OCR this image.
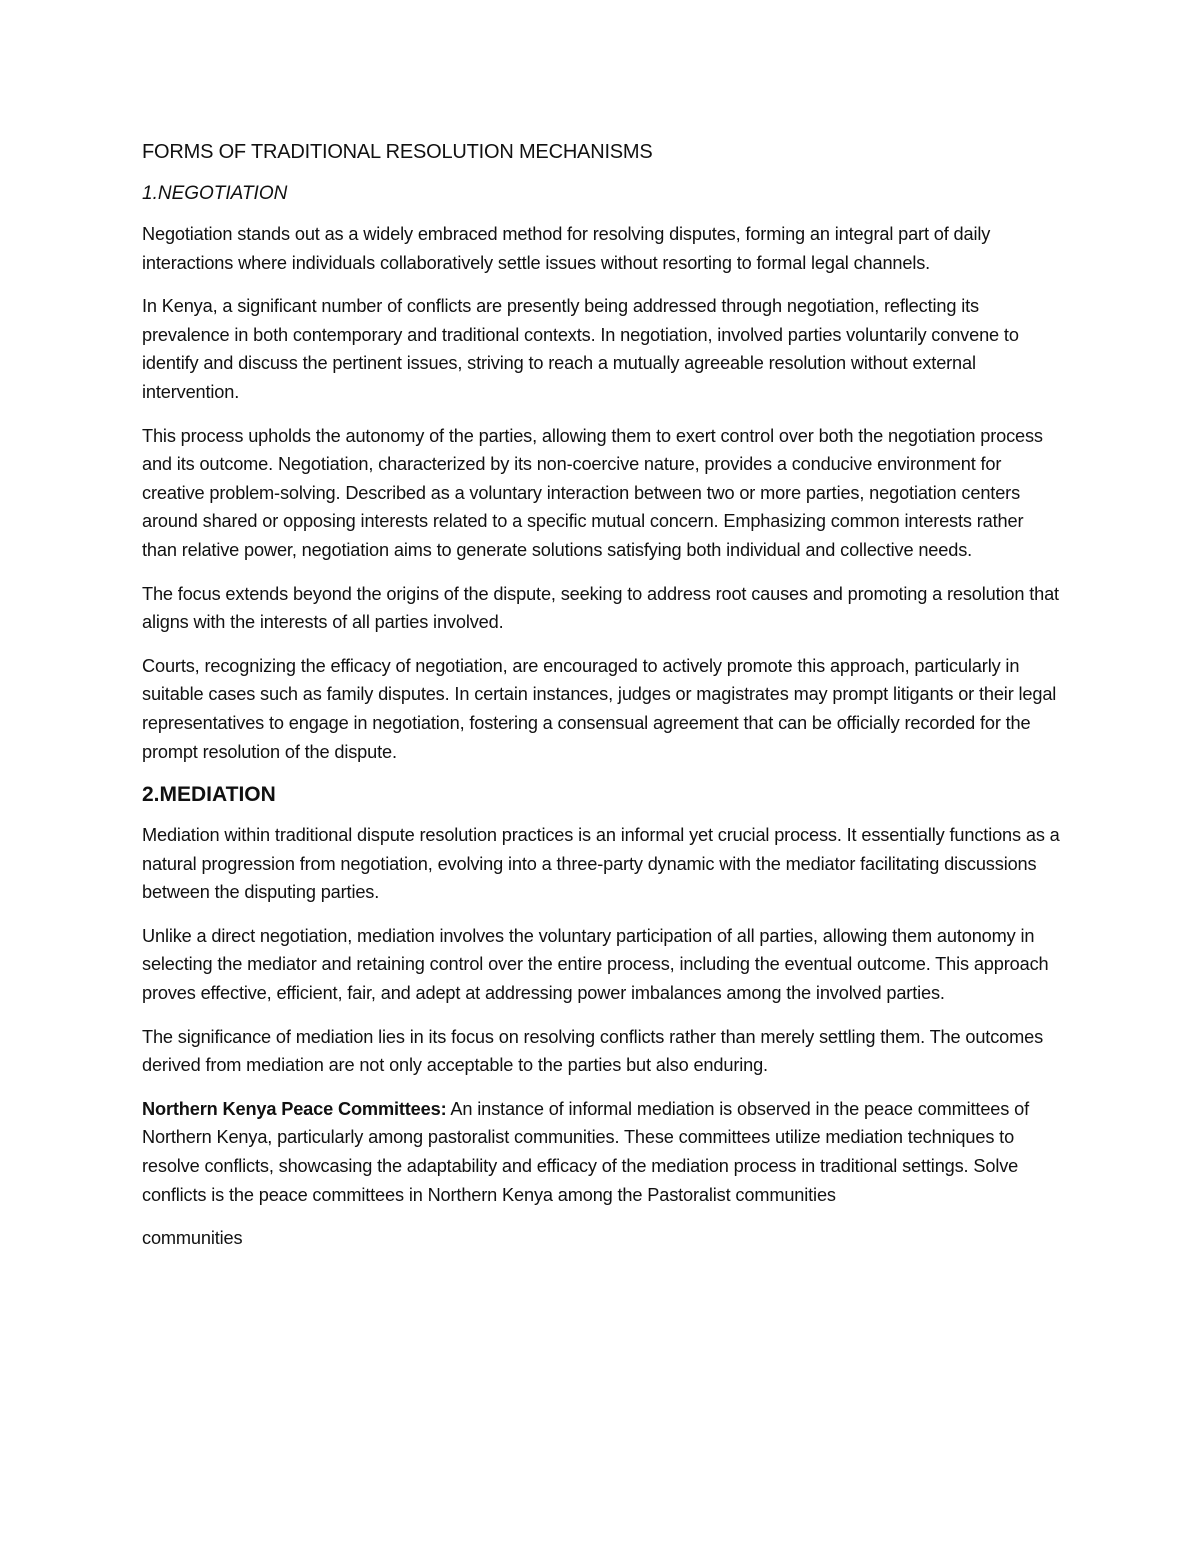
FORMS OF TRADITIONAL RESOLUTION MECHANISMS
1.NEGOTIATION

Negotiation stands out as a widely embraced method for resolving disputes, forming an integral part of daily interactions where individuals collaboratively settle issues without resorting to formal legal channels.

In Kenya, a significant number of conflicts are presently being addressed through negotiation, reflecting its prevalence in both contemporary and traditional contexts. In negotiation, involved parties voluntarily convene to identify and discuss the pertinent issues, striving to reach a mutually agreeable resolution without external intervention.

This process upholds the autonomy of the parties, allowing them to exert control over both the negotiation process and its outcome. Negotiation, characterized by its non-coercive nature, provides a conducive environment for creative problem-solving. Described as a voluntary interaction between two or more parties, negotiation centers around shared or opposing interests related to a specific mutual concern. Emphasizing common interests rather than relative power, negotiation aims to generate solutions satisfying both individual and collective needs.

The focus extends beyond the origins of the dispute, seeking to address root causes and promoting a resolution that aligns with the interests of all parties involved.

Courts, recognizing the efficacy of negotiation, are encouraged to actively promote this approach, particularly in suitable cases such as family disputes. In certain instances, judges or magistrates may prompt litigants or their legal representatives to engage in negotiation, fostering a consensual agreement that can be officially recorded for the prompt resolution of the dispute.

2.MEDIATION

Mediation within traditional dispute resolution practices is an informal yet crucial process. It essentially functions as a natural progression from negotiation, evolving into a three-party dynamic with the mediator facilitating discussions between the disputing parties.

Unlike a direct negotiation, mediation involves the voluntary participation of all parties, allowing them autonomy in selecting the mediator and retaining control over the entire process, including the eventual outcome. This approach proves effective, efficient, fair, and adept at addressing power imbalances among the involved parties.

The significance of mediation lies in its focus on resolving conflicts rather than merely settling them. The outcomes derived from mediation are not only acceptable to the parties but also enduring.

Northern Kenya Peace Committees: An instance of informal mediation is observed in the peace committees of Northern Kenya, particularly among pastoralist communities. These committees utilize mediation techniques to resolve conflicts, showcasing the adaptability and efficacy of the mediation process in traditional settings. Solve conflicts is the peace committees in Northern Kenya among the Pastoralist communities

communities
